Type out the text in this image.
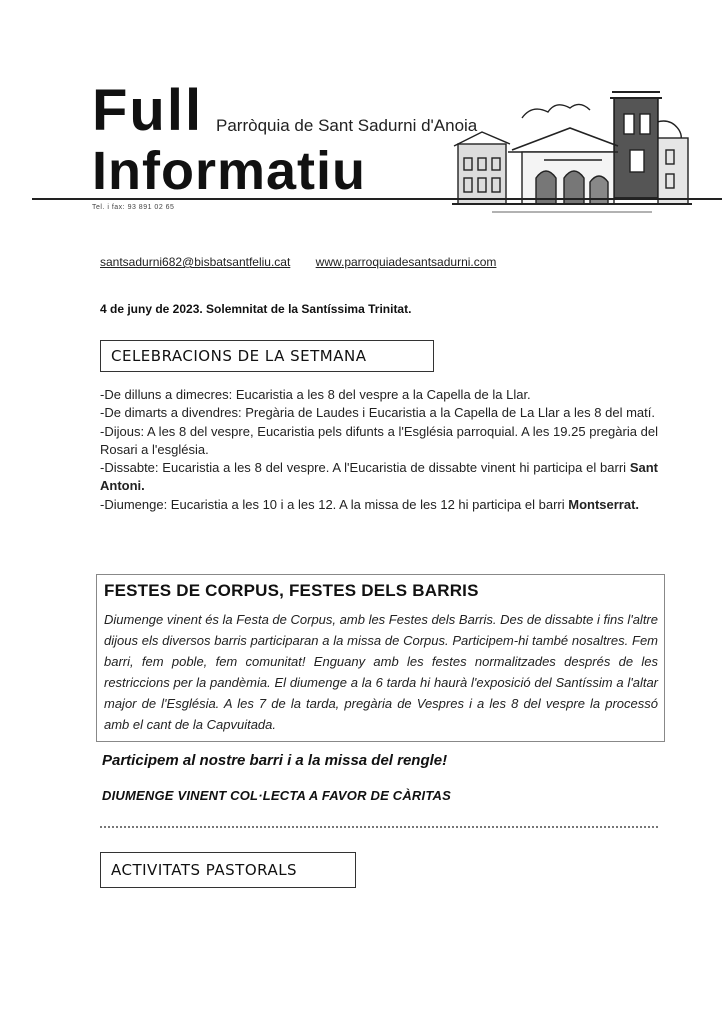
Full
Informatiu
Parròquia de Sant Sadurni d'Anoia
Tel. i fax: 93 891 02 65
santsadurni682@bisbatsantfeliu.cat www.parroquiadesantsadurni.com
4 de juny de 2023. Solemnitat de la Santíssima Trinitat.
CELEBRACIONS DE LA SETMANA

-De dilluns a dimecres: Eucaristia a les 8 del vespre a la Capella de la Llar.

-De dimarts a divendres: Pregària de Laudes i Eucaristia a la Capella de La Llar a les 8 del matí.

-Dijous: A les 8 del vespre, Eucaristia pels difunts a l'Església parroquial. A les 19.25 pregària del Rosari a l'església.

-Dissabte: Eucaristia a les 8 del vespre. A l'Eucaristia de dissabte vinent hi participa el barri Sant Antoni.

-Diumenge: Eucaristia a les 10 i a les 12. A la missa de les 12 hi participa el barri Montserrat.

FESTES DE CORPUS, FESTES DELS BARRIS
Diumenge vinent és la Festa de Corpus, amb les Festes dels Barris. Des de dissabte i fins l'altre dijous els diversos barris participaran a la missa de Corpus. Participem-hi també nosaltres. Fem barri, fem poble, fem comunitat! Enguany amb les festes normalitzades després de les restriccions per la pandèmia. El diumenge a la 6 tarda hi haurà l'exposició del Santíssim a l'altar major de l'Església. A les 7 de la tarda, pregària de Vespres i a les 8 del vespre la processó amb el cant de la Capvuitada.
Participem al nostre barri i a la missa del rengle!
DIUMENGE VINENT COL·LECTA A FAVOR DE CÀRITAS
ACTIVITATS PASTORALS
